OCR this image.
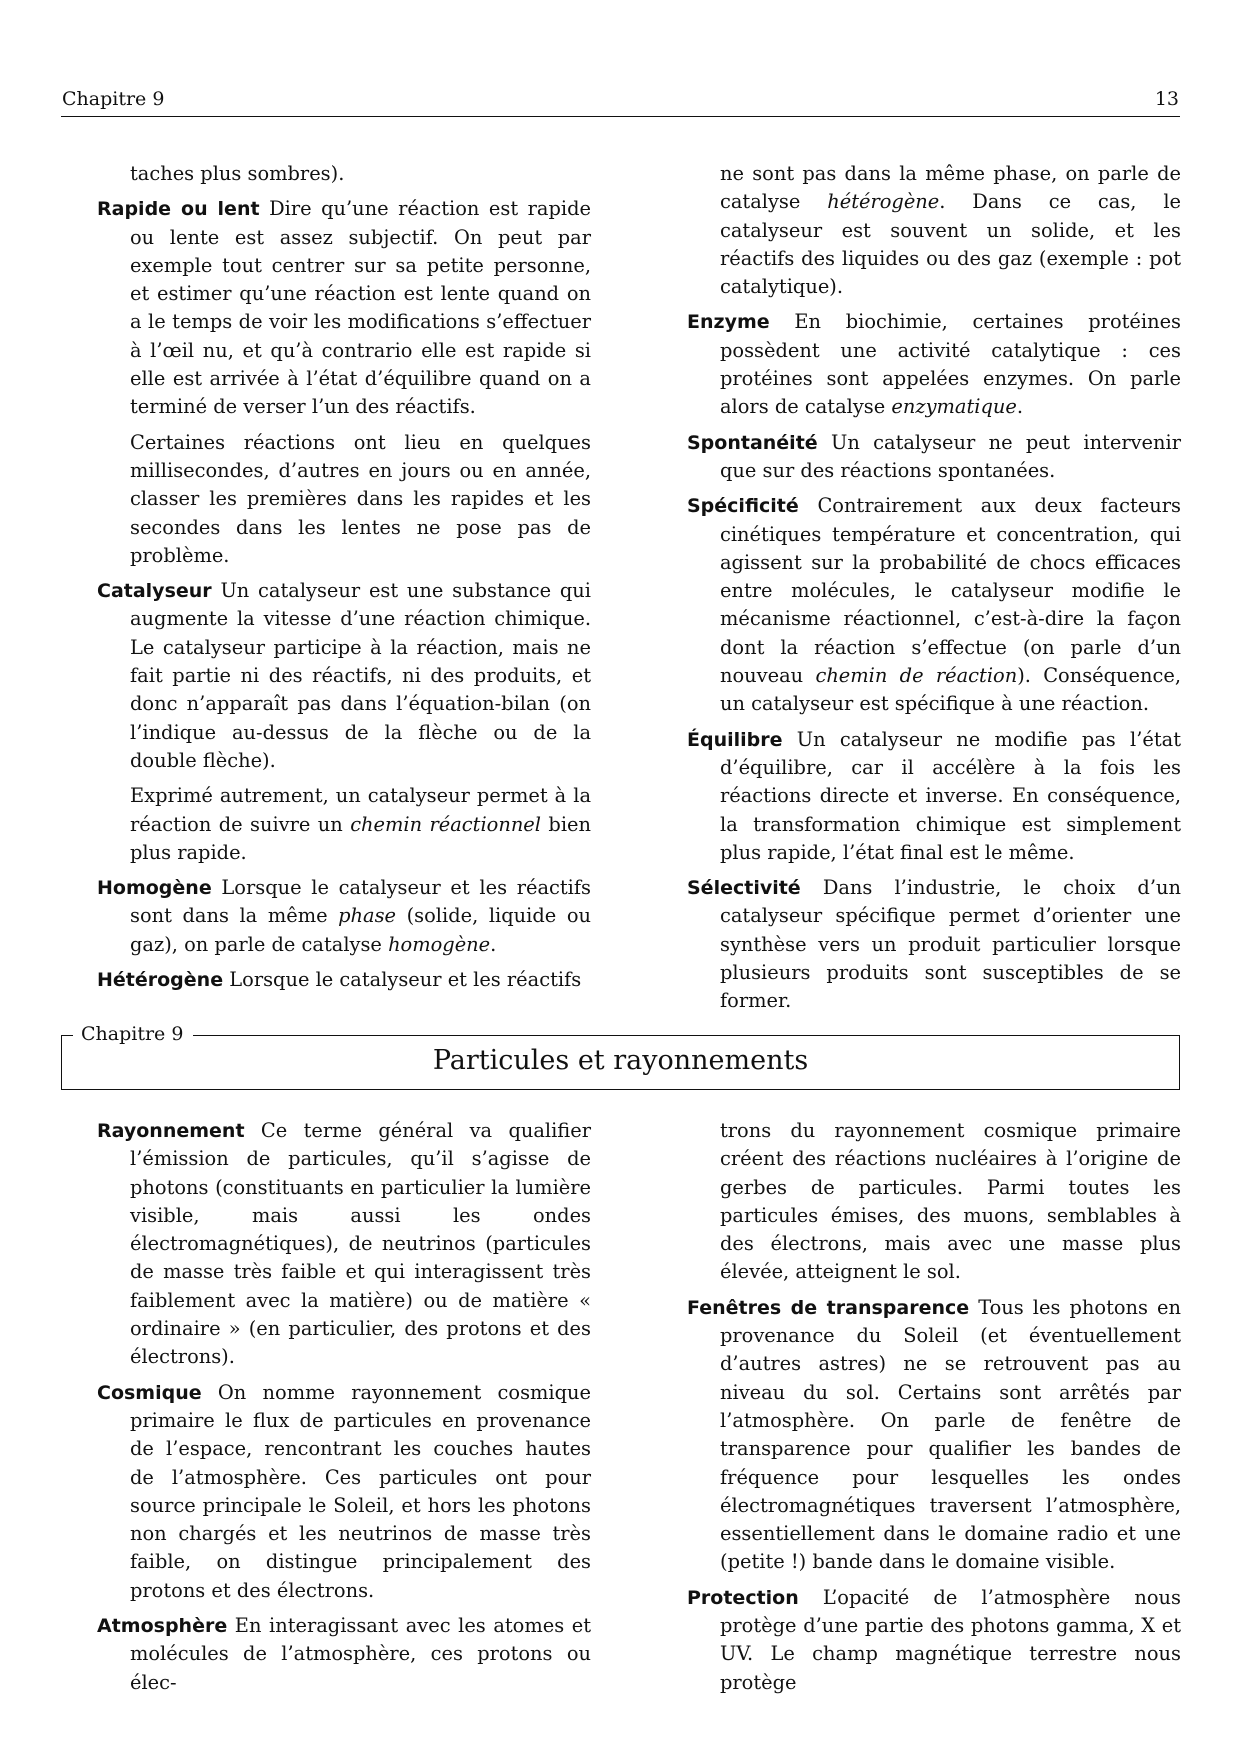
Chapitre 9	13

taches plus sombres).

Rapide ou lent Dire qu’une réaction est rapide ou lente est assez subjectif. On peut par exemple tout centrer sur sa petite personne, et estimer qu’une réaction est lente quand on a le temps de voir les modifications s’effectuer à l’œil nu, et qu’à contrario elle est rapide si elle est arrivée à l’état d’équilibre quand on a terminé de verser l’un des réactifs.

Certaines réactions ont lieu en quelques millisecondes, d’autres en jours ou en année, classer les premières dans les rapides et les secondes dans les lentes ne pose pas de problème.

Catalyseur Un catalyseur est une substance qui augmente la vitesse d’une réaction chimique. Le catalyseur participe à la réaction, mais ne fait partie ni des réactifs, ni des produits, et donc n’apparaît pas dans l’équation-bilan (on l’indique au-dessus de la flèche ou de la double flèche).

Exprimé autrement, un catalyseur permet à la réaction de suivre un chemin réactionnel bien plus rapide.

Homogène Lorsque le catalyseur et les réactifs sont dans la même phase (solide, liquide ou gaz), on parle de catalyse homogène.

Hétérogène Lorsque le catalyseur et les réactifs

ne sont pas dans la même phase, on parle de catalyse hétérogène. Dans ce cas, le catalyseur est souvent un solide, et les réactifs des liquides ou des gaz (exemple : pot catalytique).

Enzyme En biochimie, certaines protéines possèdent une activité catalytique : ces protéines sont appelées enzymes. On parle alors de catalyse enzymatique.

Spontanéité Un catalyseur ne peut intervenir que sur des réactions spontanées.

Spécificité Contrairement aux deux facteurs cinétiques température et concentration, qui agissent sur la probabilité de chocs efficaces entre molécules, le catalyseur modifie le mécanisme réactionnel, c’est-à-dire la façon dont la réaction s’effectue (on parle d’un nouveau chemin de réaction). Conséquence, un catalyseur est spécifique à une réaction.

Équilibre Un catalyseur ne modifie pas l’état d’équilibre, car il accélère à la fois les réactions directe et inverse. En conséquence, la transformation chimique est simplement plus rapide, l’état final est le même.

Sélectivité Dans l’industrie, le choix d’un catalyseur spécifique permet d’orienter une synthèse vers un produit particulier lorsque plusieurs produits sont susceptibles de se former.

Chapitre 9
Particules et rayonnements

Rayonnement Ce terme général va qualifier l’émission de particules, qu’il s’agisse de photons (constituants en particulier la lumière visible, mais aussi les ondes électromagnétiques), de neutrinos (particules de masse très faible et qui interagissent très faiblement avec la matière) ou de matière « ordinaire » (en particulier, des protons et des électrons).

Cosmique On nomme rayonnement cosmique primaire le flux de particules en provenance de l’espace, rencontrant les couches hautes de l’atmosphère. Ces particules ont pour source principale le Soleil, et hors les photons non chargés et les neutrinos de masse très faible, on distingue principalement des protons et des électrons.

Atmosphère En interagissant avec les atomes et molécules de l’atmosphère, ces protons ou élec-

trons du rayonnement cosmique primaire créent des réactions nucléaires à l’origine de gerbes de particules. Parmi toutes les particules émises, des muons, semblables à des électrons, mais avec une masse plus élevée, atteignent le sol.

Fenêtres de transparence Tous les photons en provenance du Soleil (et éventuellement d’autres astres) ne se retrouvent pas au niveau du sol. Certains sont arrêtés par l’atmosphère. On parle de fenêtre de transparence pour qualifier les bandes de fréquence pour lesquelles les ondes électromagnétiques traversent l’atmosphère, essentiellement dans le domaine radio et une (petite !) bande dans le domaine visible.

Protection L’opacité de l’atmosphère nous protège d’une partie des photons gamma, X et UV. Le champ magnétique terrestre nous protège
